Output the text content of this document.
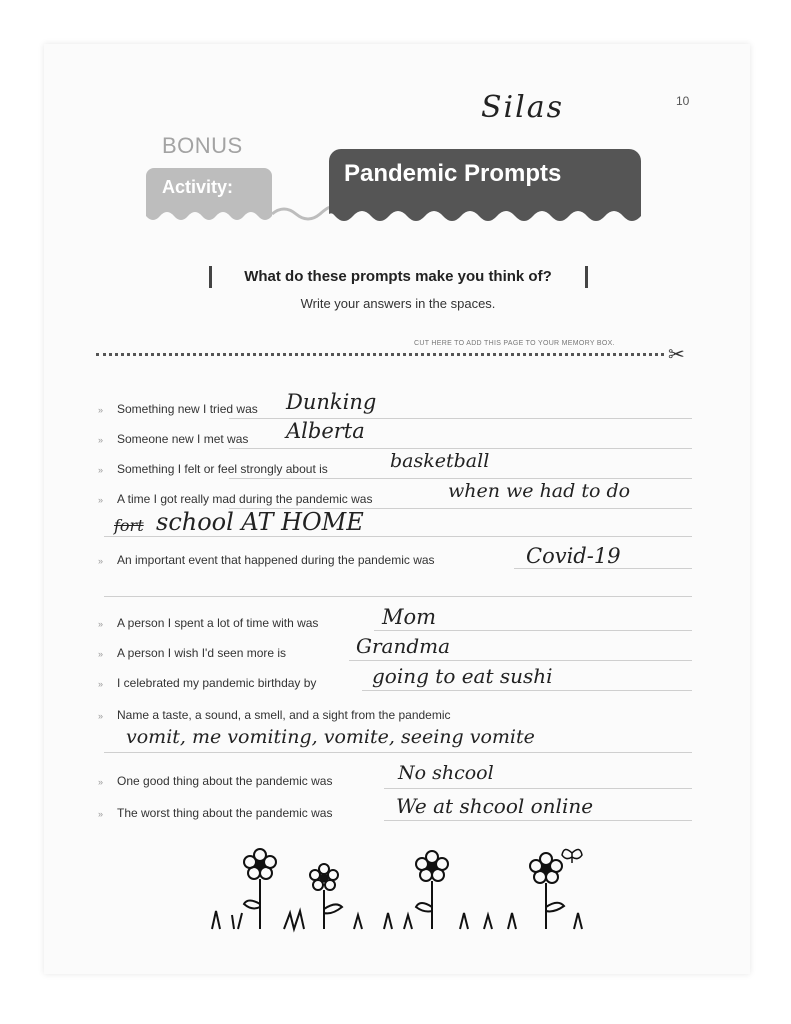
10
Silas
BONUS
Activity:	Pandemic Prompts
What do these prompts make you think of?
Write your answers in the spaces.
CUT HERE TO ADD THIS PAGE TO YOUR MEMORY BOX.
✂
» Something new I tried was Dunking
» Someone new I met was Alberta
» Something I felt or feel strongly about is	basketball
» A time I got really mad during the pandemic was	when we had to do
fort school AT HOME
» An important event that happened during the pandemic was	Covid-19
» A person I spent a lot of time with was	Mom
» A person I wish I'd seen more is	Grandma
» I celebrated my pandemic birthday by	going to eat sushi
» Name a taste, a sound, a smell, and a sight from the pandemic
vomit, me vomiting, vomite, seeing vomite
» One good thing about the pandemic was	No shcool
» The worst thing about the pandemic was	We at shcool online
